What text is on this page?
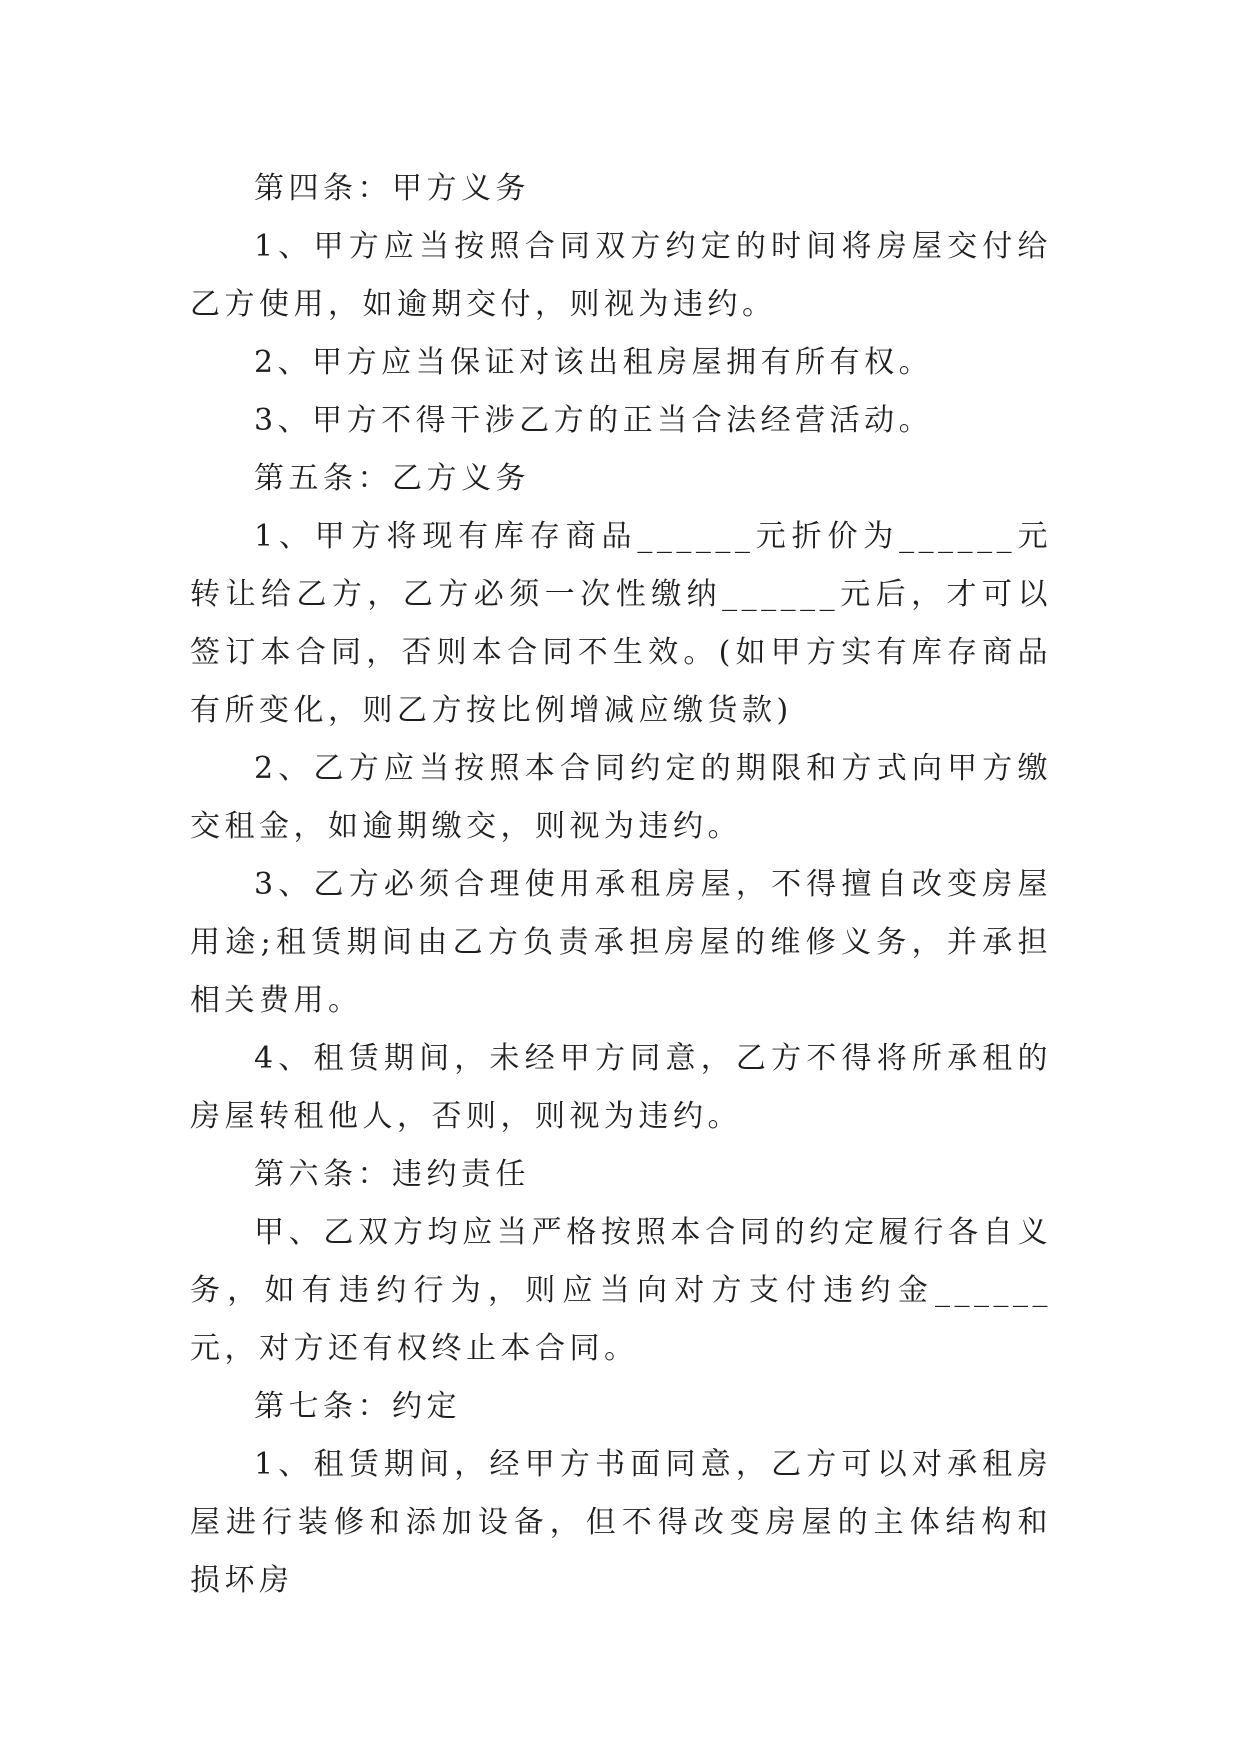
第四条：甲方义务

1、甲方应当按照合同双方约定的时间将房屋交付给乙方使用，如逾期交付，则视为违约。

2、甲方应当保证对该出租房屋拥有所有权。

3、甲方不得干涉乙方的正当合法经营活动。

第五条：乙方义务

1、甲方将现有库存商品______元折价为______元转让给乙方，乙方必须一次性缴纳______元后，才可以签订本合同，否则本合同不生效。(如甲方实有库存商品有所变化，则乙方按比例增减应缴货款)

2、乙方应当按照本合同约定的期限和方式向甲方缴交租金，如逾期缴交，则视为违约。

3、乙方必须合理使用承租房屋，不得擅自改变房屋用途;租赁期间由乙方负责承担房屋的维修义务，并承担相关费用。

4、租赁期间，未经甲方同意，乙方不得将所承租的房屋转租他人，否则，则视为违约。

第六条：违约责任

甲、乙双方均应当严格按照本合同的约定履行各自义务，如有违约行为，则应当向对方支付违约金______元，对方还有权终止本合同。

第七条：约定

1、租赁期间，经甲方书面同意，乙方可以对承租房屋进行装修和添加设备，但不得改变房屋的主体结构和损坏房
